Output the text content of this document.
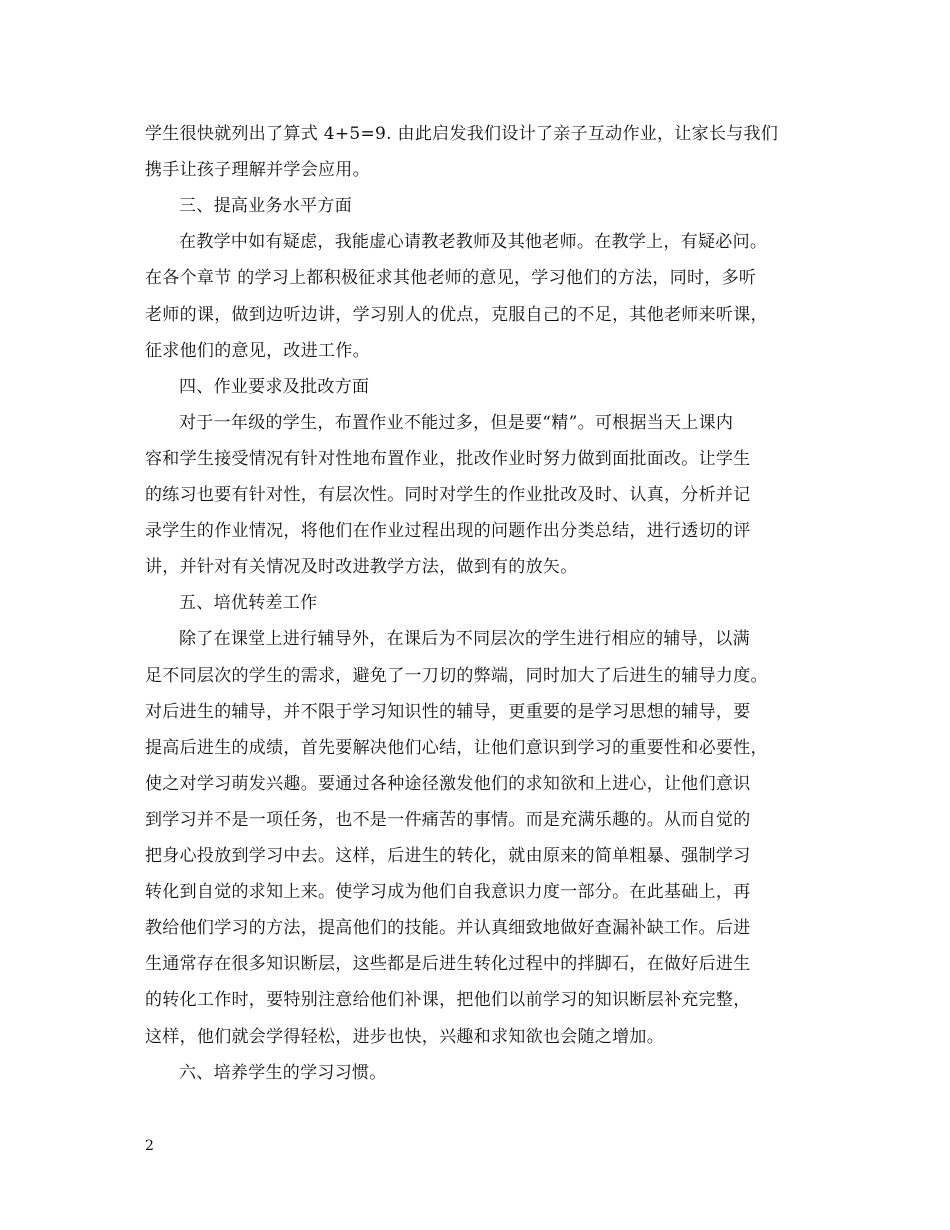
学生很快就列出了算式 4+5=9. 由此启发我们设计了亲子互动作业，让家长与我们
携手让孩子理解并学会应用。
三、提高业务水平方面
在教学中如有疑虑，我能虚心请教老教师及其他老师。在教学上，有疑必问。
在各个章节 的学习上都积极征求其他老师的意见，学习他们的方法，同时，多听
老师的课，做到边听边讲，学习别人的优点，克服自己的不足，其他老师来听课，
征求他们的意见，改进工作。
四、作业要求及批改方面
对于一年级的学生，布置作业不能过多，但是要“精”。可根据当天上课内
容和学生接受情况有针对性地布置作业，批改作业时努力做到面批面改。让学生
的练习也要有针对性，有层次性。同时对学生的作业批改及时、认真，分析并记
录学生的作业情况，将他们在作业过程出现的问题作出分类总结，进行透切的评
讲，并针对有关情况及时改进教学方法，做到有的放矢。
五、培优转差工作
除了在课堂上进行辅导外，在课后为不同层次的学生进行相应的辅导，以满
足不同层次的学生的需求，避免了一刀切的弊端，同时加大了后进生的辅导力度。
对后进生的辅导，并不限于学习知识性的辅导，更重要的是学习思想的辅导，要
提高后进生的成绩，首先要解决他们心结，让他们意识到学习的重要性和必要性，
使之对学习萌发兴趣。要通过各种途径激发他们的求知欲和上进心，让他们意识
到学习并不是一项任务，也不是一件痛苦的事情。而是充满乐趣的。从而自觉的
把身心投放到学习中去。这样，后进生的转化，就由原来的简单粗暴、强制学习
转化到自觉的求知上来。使学习成为他们自我意识力度一部分。在此基础上，再
教给他们学习的方法，提高他们的技能。并认真细致地做好查漏补缺工作。后进
生通常存在很多知识断层，这些都是后进生转化过程中的拌脚石，在做好后进生
的转化工作时，要特别注意给他们补课，把他们以前学习的知识断层补充完整，
这样，他们就会学得轻松，进步也快，兴趣和求知欲也会随之增加。
六、培养学生的学习习惯。
2
